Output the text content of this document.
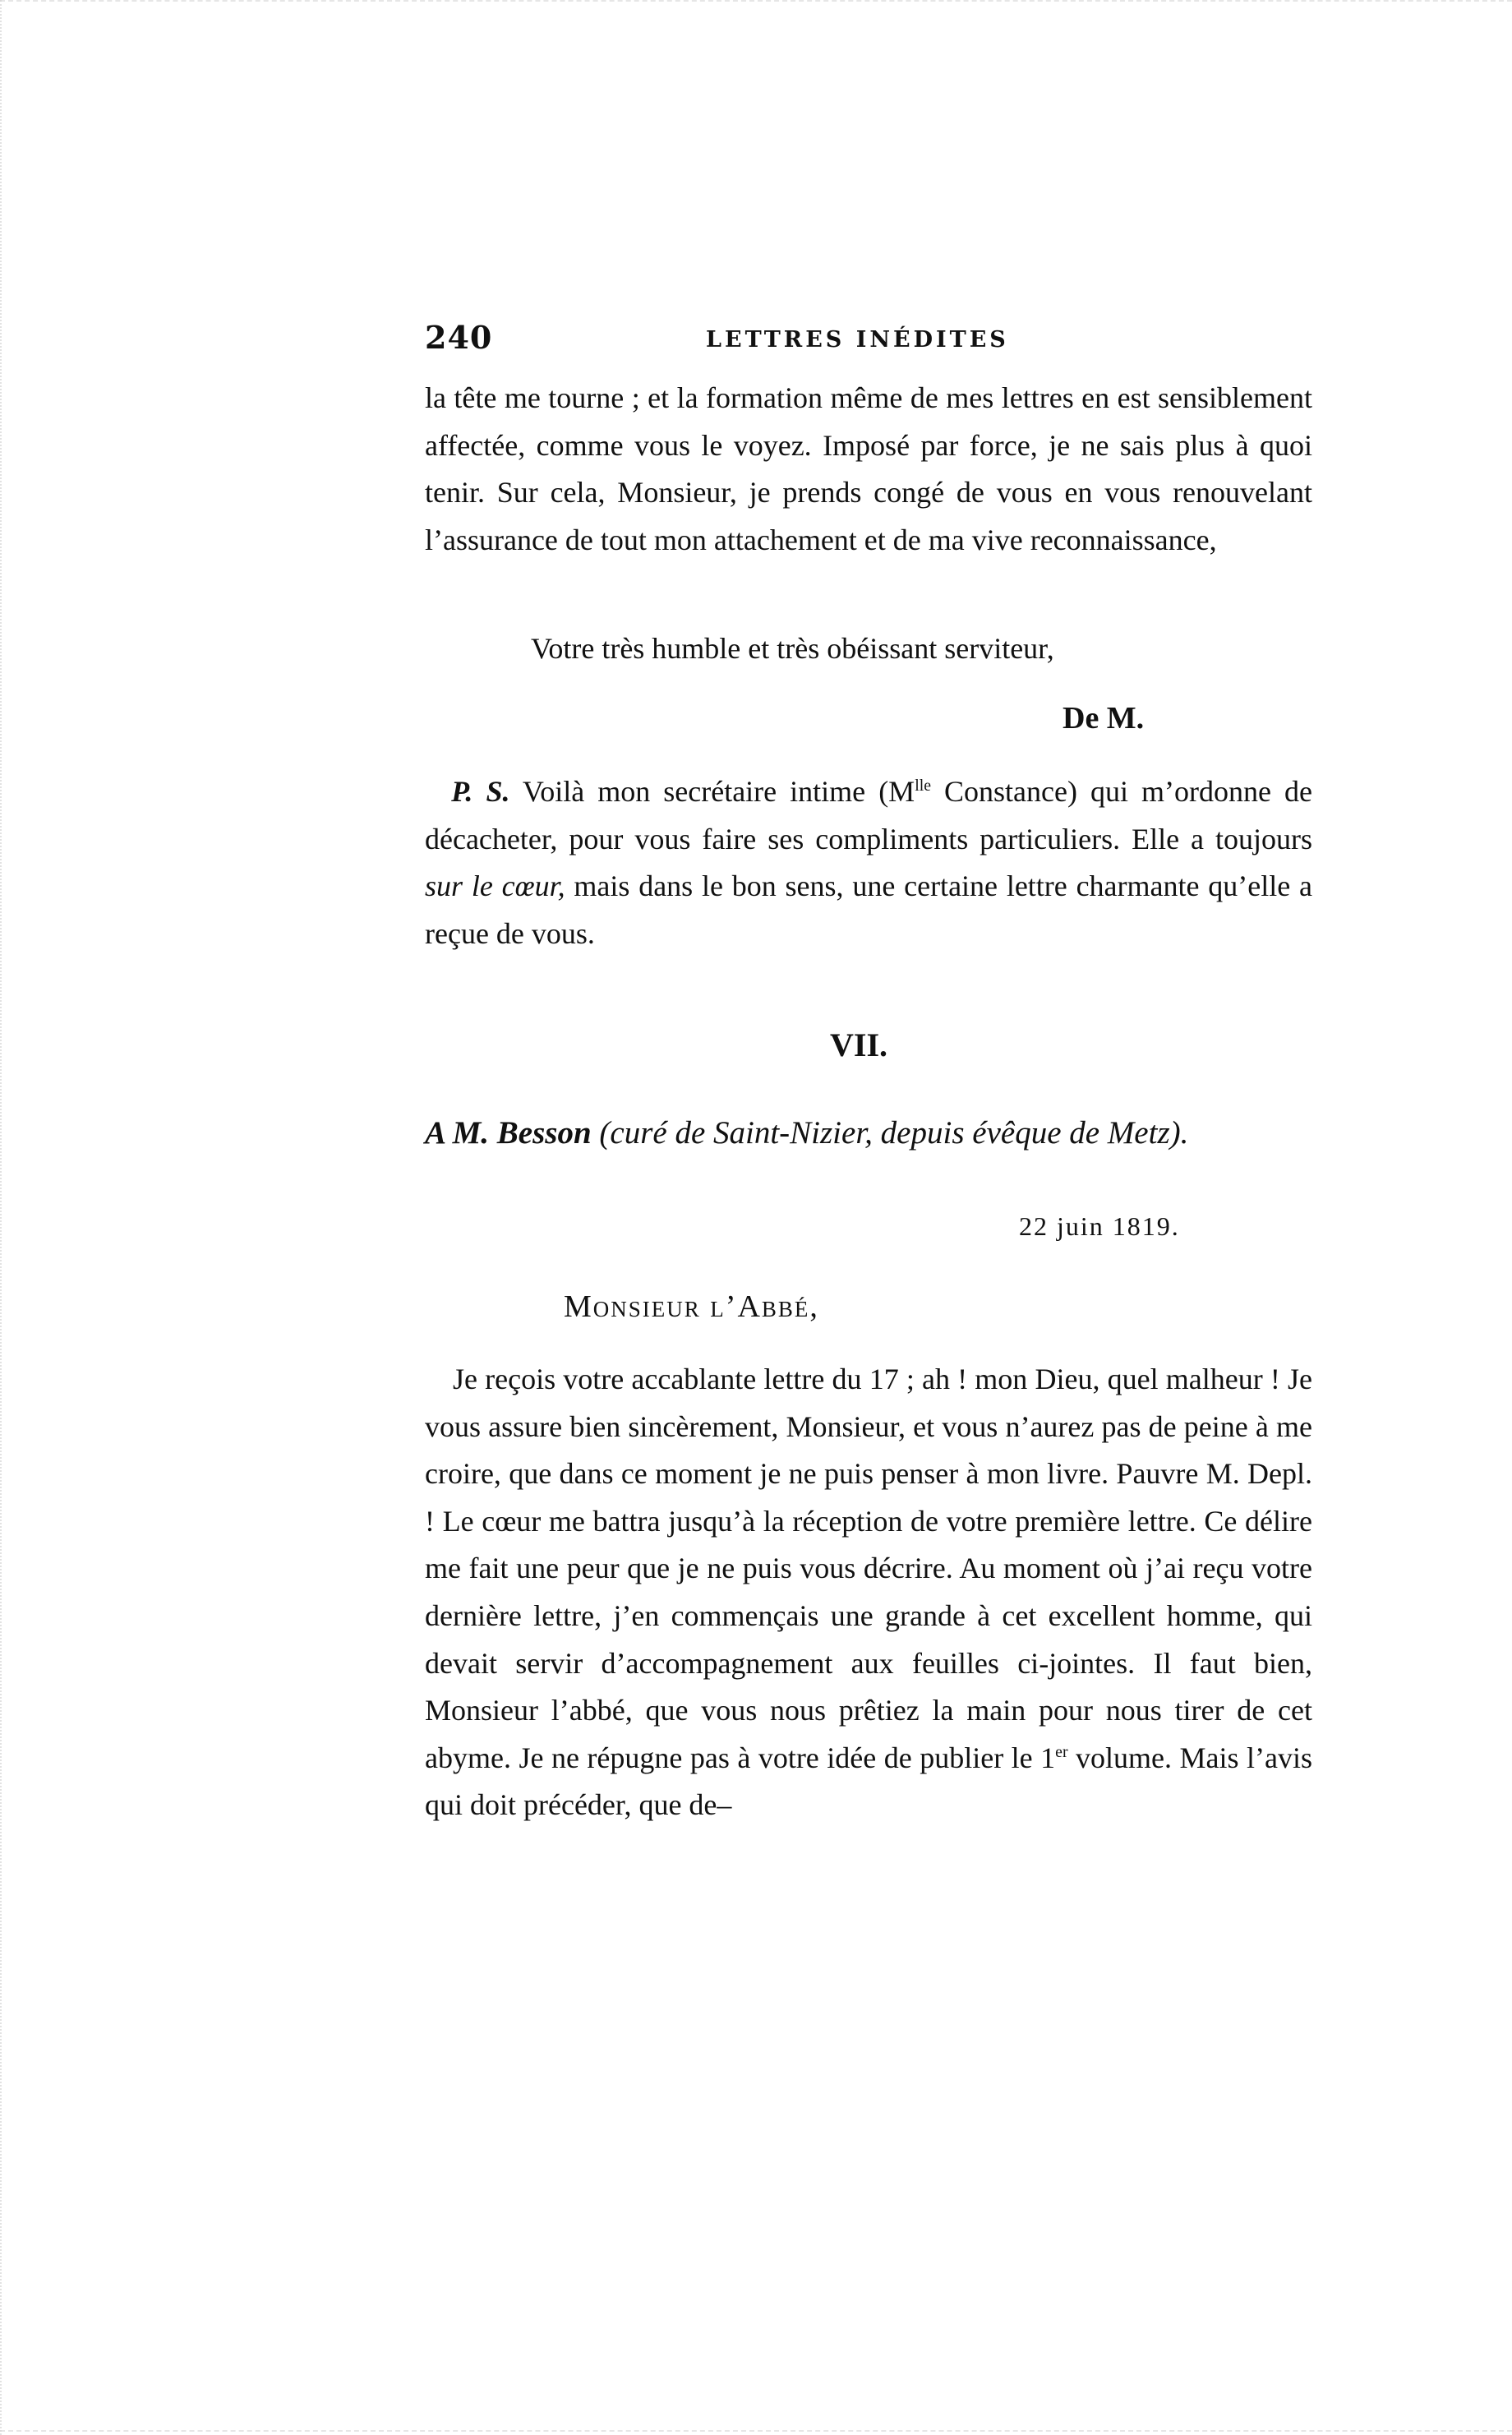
240	LETTRES INÉDITES

la tête me tourne ; et la formation même de mes lettres en est sensiblement affectée, comme vous le voyez. Imposé par force, je ne sais plus à quoi tenir. Sur cela, Monsieur, je prends congé de vous en vous renouvelant l’assurance de tout mon attachement et de ma vive reconnaissance,

Votre très humble et très obéissant serviteur,
De M.

P. S. Voilà mon secrétaire intime ($M^{lle}$ Constance) qui m’ordonne de décacheter, pour vous faire ses compliments particuliers. Elle a toujours sur le cœur, mais dans le bon sens, une certaine lettre charmante qu’elle a reçue de vous.

VII.
A M. Besson (curé de Saint-Nizier, depuis évêque de Metz).
22 juin 1819.
Monsieur l’Abbé,

Je reçois votre accablante lettre du 17 ; ah ! mon Dieu, quel malheur ! Je vous assure bien sincèrement, Monsieur, et vous n’aurez pas de peine à me croire, que dans ce moment je ne puis penser à mon livre. Pauvre M. Depl. ! Le cœur me battra jusqu’à la réception de votre première lettre. Ce délire me fait une peur que je ne puis vous décrire. Au moment où j’ai reçu votre dernière lettre, j’en commençais une grande à cet excellent homme, qui devait servir d’accompagnement aux feuilles ci-jointes. Il faut bien, Monsieur l’abbé, que vous nous prêtiez la main pour nous tirer de cet abyme. Je ne répugne pas à votre idée de publier le 1er volume. Mais l’avis qui doit précéder, que de–
